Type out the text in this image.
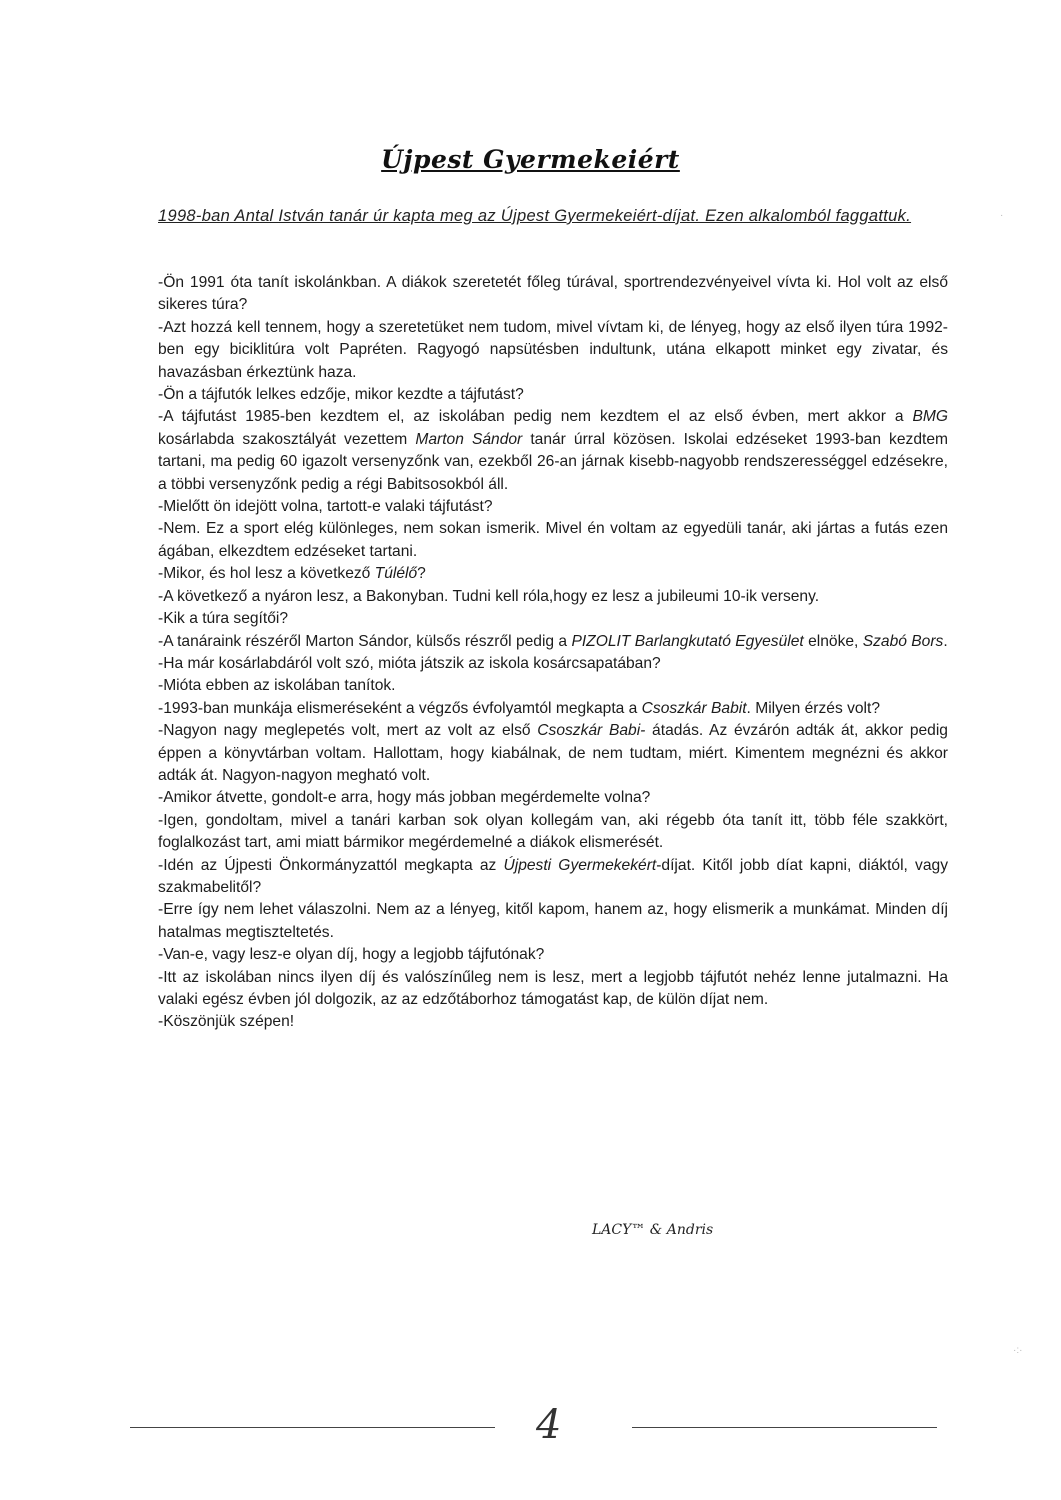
Újpest Gyermekeiért
1998-ban Antal István tanár úr kapta meg az Újpest Gyermekeiért-díjat. Ezen alkalomból faggattuk.

-Ön 1991 óta tanít iskolánkban. A diákok szeretetét főleg túrával, sportrendezvényeivel vívta ki. Hol volt az első sikeres túra?

-Azt hozzá kell tennem, hogy a szeretetüket nem tudom, mivel vívtam ki, de lényeg, hogy az első ilyen túra 1992-ben egy biciklitúra volt Papréten. Ragyogó napsütésben indultunk, utána elkapott minket egy zivatar, és havazásban érkeztünk haza.

-Ön a tájfutók lelkes edzője, mikor kezdte a tájfutást?

-A tájfutást 1985-ben kezdtem el, az iskolában pedig nem kezdtem el az első évben, mert akkor a BMG kosárlabda szakosztályát vezettem Marton Sándor tanár úrral közösen. Iskolai edzéseket 1993-ban kezdtem tartani, ma pedig 60 igazolt versenyzőnk van, ezekből 26-an járnak kisebb-nagyobb rendszerességgel edzésekre, a többi versenyzőnk pedig a régi Babitsosokból áll.

-Mielőtt ön idejött volna, tartott-e valaki tájfutást?

-Nem. Ez a sport elég különleges, nem sokan ismerik. Mivel én voltam az egyedüli tanár, aki jártas a futás ezen ágában, elkezdtem edzéseket tartani.

-Mikor, és hol lesz a következő Túlélő?

-A következő a nyáron lesz, a Bakonyban. Tudni kell róla,hogy ez lesz a jubileumi 10-ik verseny.

-Kik a túra segítői?

-A tanáraink részéről Marton Sándor, külsős részről pedig a PIZOLIT Barlangkutató Egyesület elnöke, Szabó Bors.

-Ha már kosárlabdáról volt szó, mióta játszik az iskola kosárcsapatában?

-Mióta ebben az iskolában tanítok.

-1993-ban munkája elismeréseként a végzős évfolyamtól megkapta a Csoszkár Babit. Milyen érzés volt?

-Nagyon nagy meglepetés volt, mert az volt az első Csoszkár Babi- átadás. Az évzárón adták át, akkor pedig éppen a könyvtárban voltam. Hallottam, hogy kiabálnak, de nem tudtam, miért. Kimentem megnézni és akkor adták át. Nagyon-nagyon megható volt.

-Amikor átvette, gondolt-e arra, hogy más jobban megérdemelte volna?

-Igen, gondoltam, mivel a tanári karban sok olyan kollegám van, aki régebb óta tanít itt, több féle szakkört, foglalkozást tart, ami miatt bármikor megérdemelné a diákok elismerését.

-Idén az Újpesti Önkormányzattól megkapta az Újpesti Gyermekekért-díjat. Kitől jobb díat kapni, diáktól, vagy szakmabelitől?

-Erre így nem lehet válaszolni. Nem az a lényeg, kitől kapom, hanem az, hogy elismerik a munkámat. Minden díj hatalmas megtiszteltetés.

-Van-e, vagy lesz-e olyan díj, hogy a legjobb tájfutónak?

-Itt az iskolában nincs ilyen díj és valószínűleg nem is lesz, mert a legjobb tájfutót nehéz lenne jutalmazni. Ha valaki egész évben jól dolgozik, az az edzőtáborhoz támogatást kap, de külön díjat nem.

-Köszönjük szépen!

LACY™ & Andris
4
·
·:·
